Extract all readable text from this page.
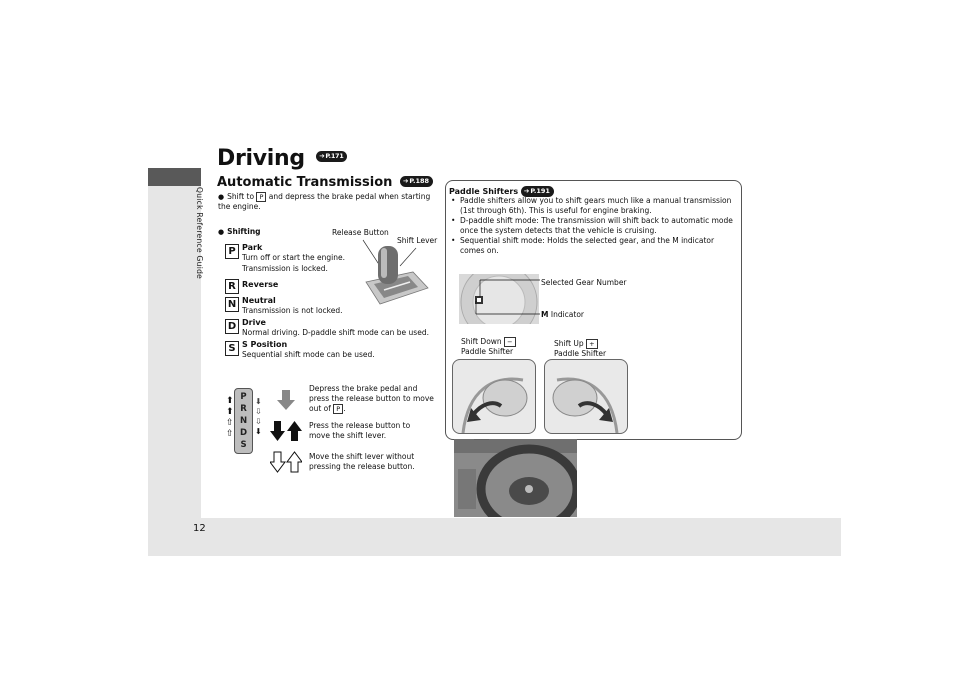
Quick Reference Guide
12
Driving ➔P.171
Automatic Transmission ➔P.188
● Shift to P and depress the brake pedal when starting the engine.
● Shifting	Release Button
Shift Lever
P Park
Turn off or start the engine. Transmission is locked.
R Reverse
N Neutral
Transmission is not locked.
D Drive
Normal driving. D-paddle shift mode can be used.
S S Position
Sequential shift mode can be used.
P
R
N
D
S
⬆
⬆
⇧
⇧
⬇
⇩
⇩
⬇
Depress the brake pedal and press the release button to move out of P .
Press the release button to move the shift lever.
Move the shift lever without pressing the release button.
Paddle Shifters ➔P.191
• Paddle shifters allow you to shift gears much like a manual transmission (1st through 6th). This is useful for engine braking.
• D-paddle shift mode: The transmission will shift back to automatic mode once the system detects that the vehicle is cruising.
• Sequential shift mode: Holds the selected gear, and the M indicator comes on.
Selected Gear Number
M Indicator
Shift Down −
Paddle Shifter
Shift Up +
Paddle Shifter
